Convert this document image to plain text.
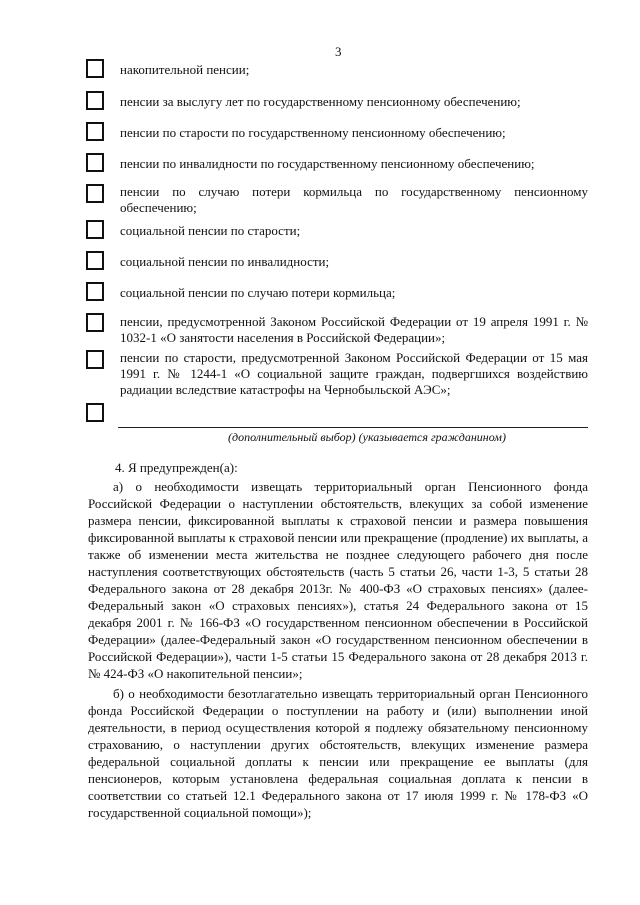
3
накопительной пенсии;
пенсии за выслугу лет по государственному пенсионному обеспечению;
пенсии по старости по государственному пенсионному обеспечению;
пенсии по инвалидности по государственному пенсионному обеспечению;
пенсии по случаю потери кормильца по государственному пенсионному обеспечению;
социальной пенсии по старости;
социальной пенсии по инвалидности;
социальной пенсии по случаю потери кормильца;
пенсии, предусмотренной Законом Российской Федерации от 19 апреля 1991 г. № 1032-1 «О занятости населения в Российской Федерации»;
пенсии по старости, предусмотренной Законом Российской Федерации от 15 мая 1991 г. № 1244-1 «О социальной защите граждан, подвергшихся воздействию радиации вследствие катастрофы на Чернобыльской АЭС»;
(дополнительный выбор) (указывается гражданином)
4. Я предупрежден(а):

а) о необходимости извещать территориальный орган Пенсионного фонда Российской Федерации о наступлении обстоятельств, влекущих за собой изменение размера пенсии, фиксированной выплаты к страховой пенсии и размера повышения фиксированной выплаты к страховой пенсии или прекращение (продление) их выплаты, а также об изменении места жительства не позднее следующего рабочего дня после наступления соответствующих обстоятельств (часть 5 статьи 26, части 1-3, 5 статьи 28 Федерального закона от 28 декабря 2013г. № 400-ФЗ «О страховых пенсиях» (далее-Федеральный закон «О страховых пенсиях»), статья 24 Федерального закона от 15 декабря 2001 г. № 166-ФЗ «О государственном пенсионном обеспечении в Российской Федерации» (далее-Федеральный закон «О государственном пенсионном обеспечении в Российской Федерации»), части 1-5 статьи 15 Федерального закона от 28 декабря 2013 г. № 424-ФЗ «О накопительной пенсии»;

б) о необходимости безотлагательно извещать территориальный орган Пенсионного фонда Российской Федерации о поступлении на работу и (или) выполнении иной деятельности, в период осуществления которой я подлежу обязательному пенсионному страхованию, о наступлении других обстоятельств, влекущих изменение размера федеральной социальной доплаты к пенсии или прекращение ее выплаты (для пенсионеров, которым установлена федеральная социальная доплата к пенсии в соответствии со статьей 12.1 Федерального закона от 17 июля 1999 г. № 178-ФЗ «О государственной социальной помощи»);
